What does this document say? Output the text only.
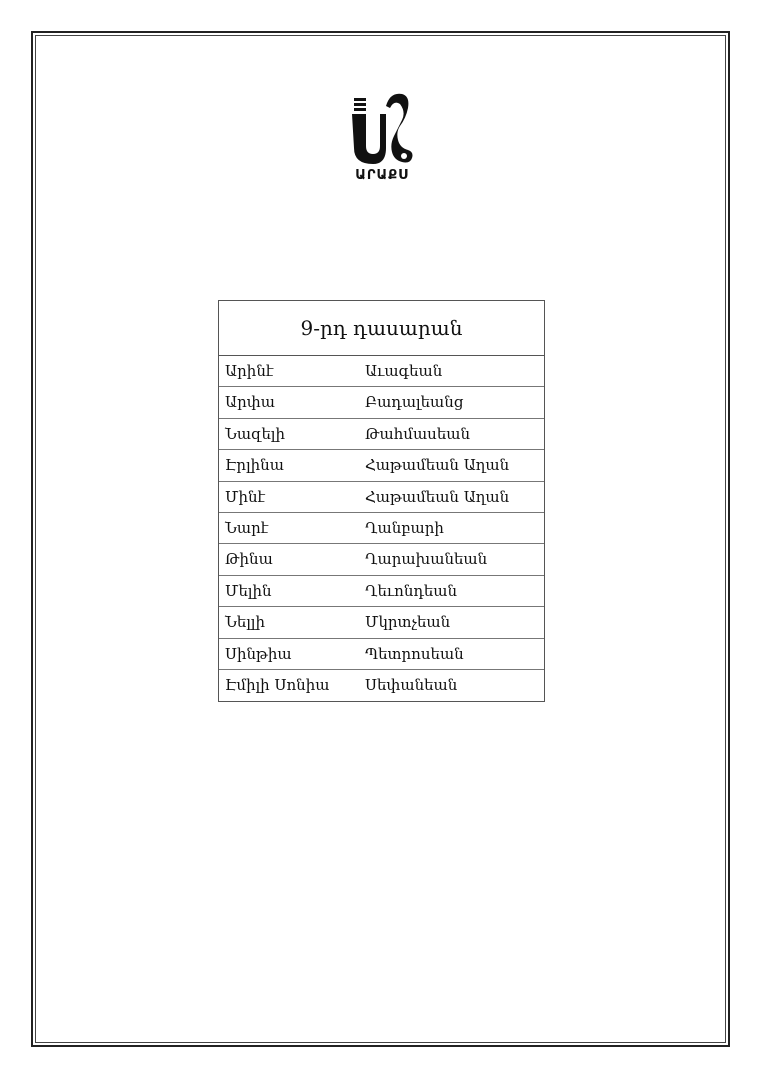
ԱՐԱՔՍ
9-րդ դասարան
Արինէ	Աւագեան
Արփա	Բադալեանց
Նազելի	Թահմասեան
Էրլինա	Հաթամեան Աղան
Մինէ	Հաթամեան Աղան
Նարէ	Ղանբարի
Թինա	Ղարախանեան
Մելին	Ղեւոնդեան
Նելլի	Մկրտչեան
Սինթիա	Պետրոսեան
Էմիլի Սոնիա	Սեփանեան
